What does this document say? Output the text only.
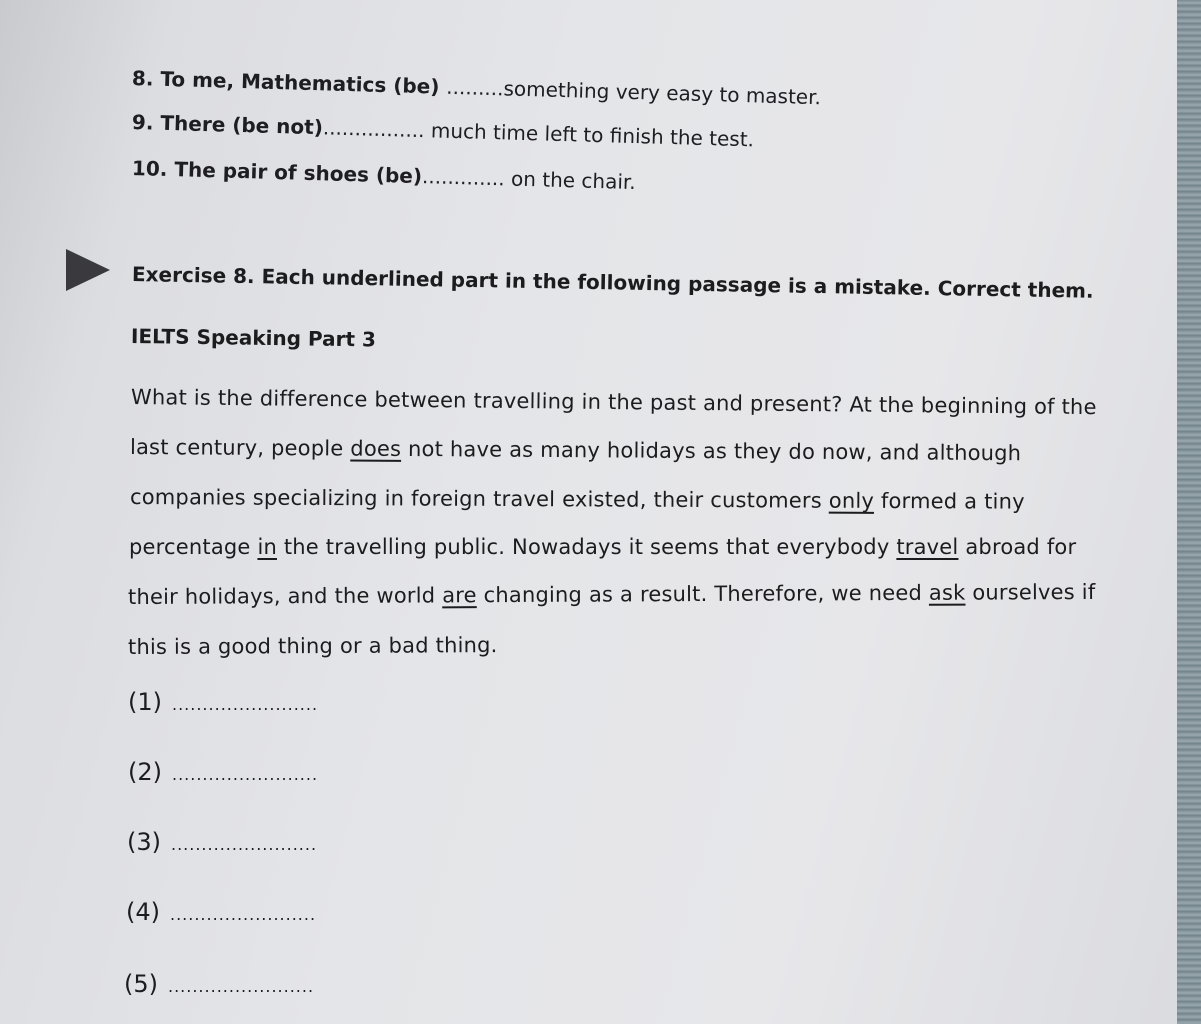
8. To me, Mathematics (be) .........something very easy to master.
9. There (be not)................ much time left to finish the test.
10. The pair of shoes (be)............. on the chair.
Exercise 8. Each underlined part in the following passage is a mistake. Correct them.
IELTS Speaking Part 3
What is the difference between travelling in the past and present? At the beginning of the
last century, people does not have as many holidays as they do now, and although
companies specializing in foreign travel existed, their customers only formed a tiny
percentage in the travelling public. Nowadays it seems that everybody travel abroad for
their holidays, and the world are changing as a result. Therefore, we need ask ourselves if
this is a good thing or a bad thing.
(1) ........................
(2) ........................
(3) ........................
(4) ........................
(5) ........................
